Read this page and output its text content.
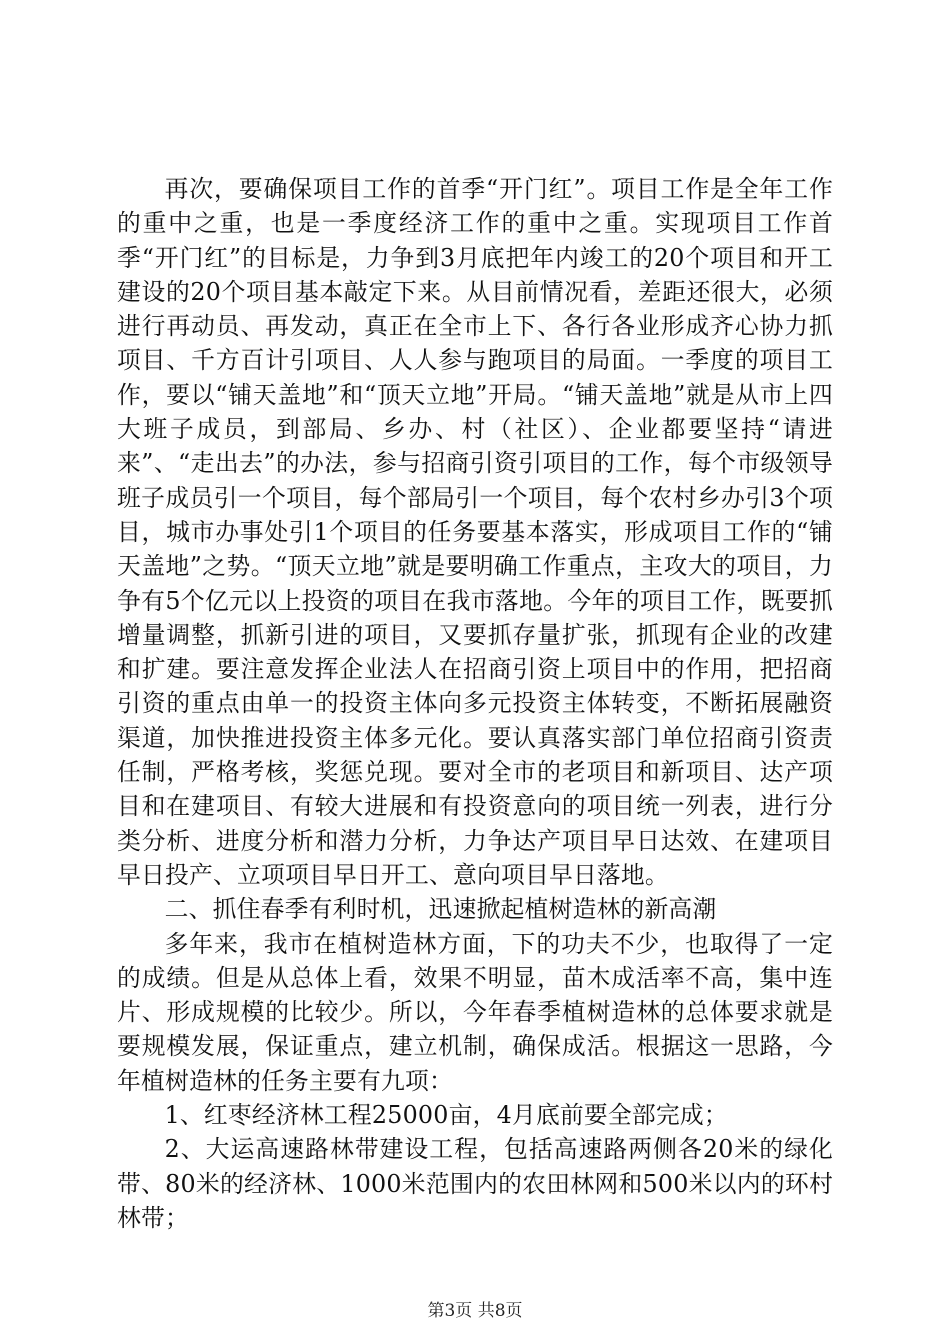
再次，要确保项目工作的首季“开门红”。项目工作是全年工作的重中之重，也是一季度经济工作的重中之重。实现项目工作首季“开门红”的目标是，力争到3月底把年内竣工的20个项目和开工建设的20个项目基本敲定下来。从目前情况看，差距还很大，必须进行再动员、再发动，真正在全市上下、各行各业形成齐心协力抓项目、千方百计引项目、人人参与跑项目的局面。一季度的项目工作，要以“铺天盖地”和“顶天立地”开局。“铺天盖地”就是从市上四大班子成员，到部局、乡办、村（社区）、企业都要坚持“请进来”、“走出去”的办法，参与招商引资引项目的工作，每个市级领导班子成员引一个项目，每个部局引一个项目，每个农村乡办引3个项目，城市办事处引1个项目的任务要基本落实，形成项目工作的“铺天盖地”之势。“顶天立地”就是要明确工作重点，主攻大的项目，力争有5个亿元以上投资的项目在我市落地。今年的项目工作，既要抓增量调整，抓新引进的项目，又要抓存量扩张，抓现有企业的改建和扩建。要注意发挥企业法人在招商引资上项目中的作用，把招商引资的重点由单一的投资主体向多元投资主体转变，不断拓展融资渠道，加快推进投资主体多元化。要认真落实部门单位招商引资责任制，严格考核，奖惩兑现。要对全市的老项目和新项目、达产项目和在建项目、有较大进展和有投资意向的项目统一列表，进行分类分析、进度分析和潜力分析，力争达产项目早日达效、在建项目早日投产、立项项目早日开工、意向项目早日落地。

二、抓住春季有利时机，迅速掀起植树造林的新高潮

多年来，我市在植树造林方面，下的功夫不少，也取得了一定的成绩。但是从总体上看，效果不明显，苗木成活率不高，集中连片、形成规模的比较少。所以，今年春季植树造林的总体要求就是要规模发展，保证重点，建立机制，确保成活。根据这一思路，今年植树造林的任务主要有九项：

1、红枣经济林工程25000亩，4月底前要全部完成；

2、大运高速路林带建设工程，包括高速路两侧各20米的绿化带、80米的经济林、1000米范围内的农田林网和500米以内的环村林带；

第3页 共8页
